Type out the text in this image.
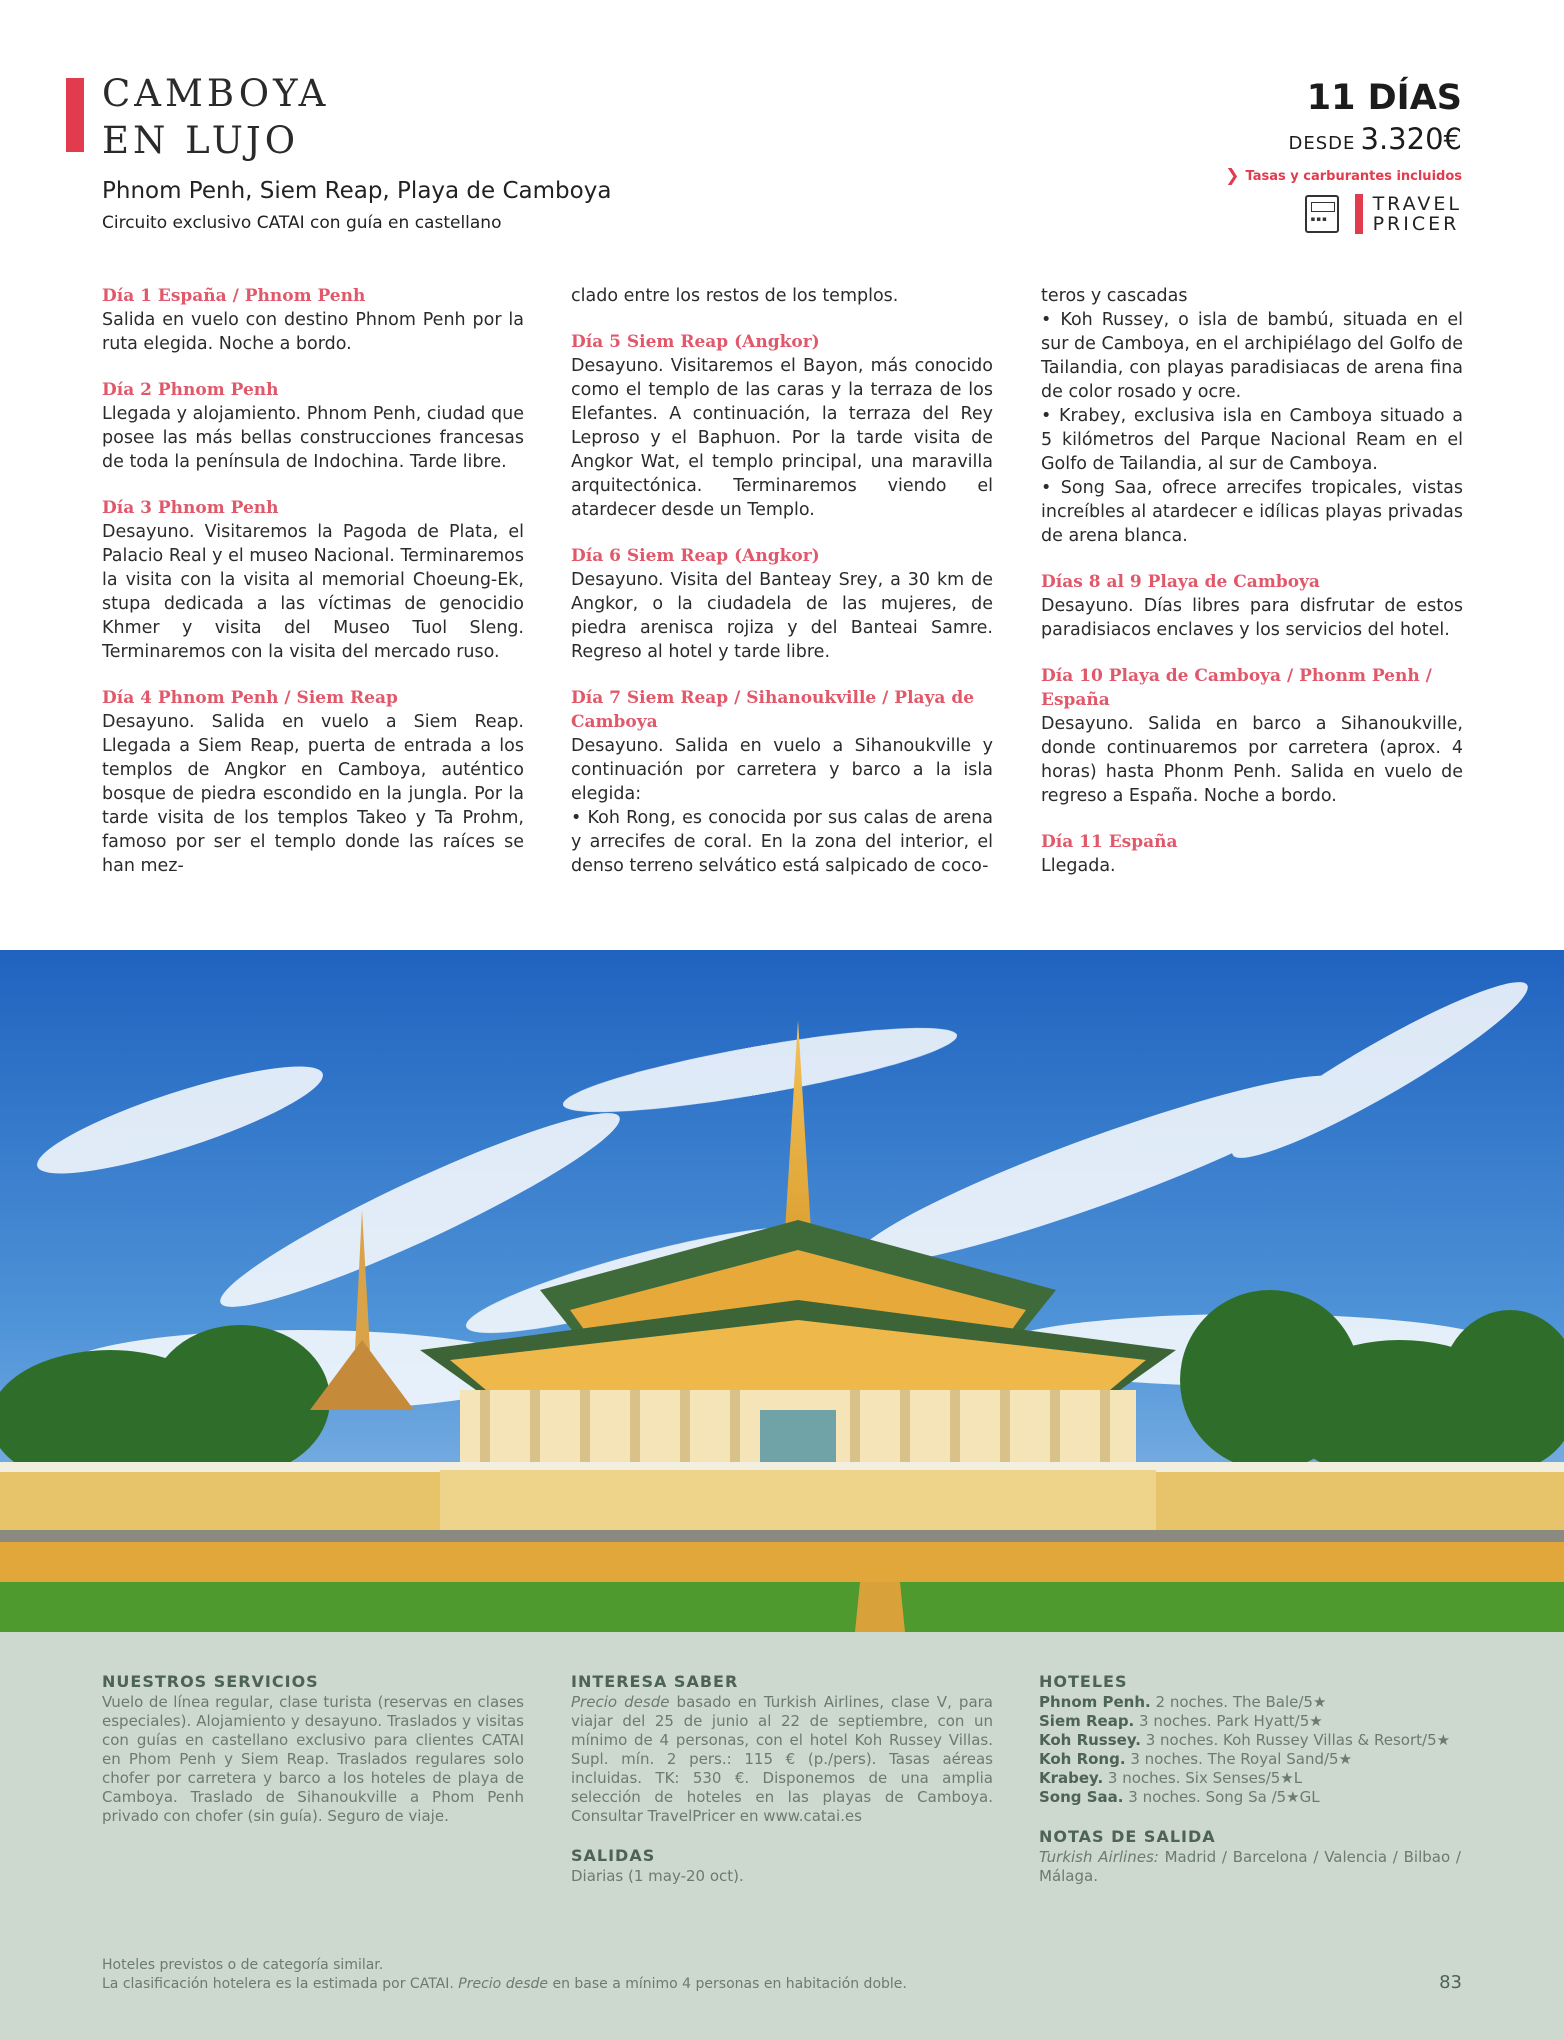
CAMBOYA
EN LUJO
Phnom Penh, Siem Reap, Playa de Camboya
Circuito exclusivo CATAI con guía en castellano
11 DÍAS
DESDE 3.320€
❯ Tasas y carburantes incluidos
▪▪▪
TRAVEL
PRICER
Día 1 España / Phnom Penh

Salida en vuelo con destino Phnom Penh por la ruta elegida. Noche a bordo.

Día 2 Phnom Penh

Llegada y alojamiento. Phnom Penh, ciudad que posee las más bellas construcciones francesas de toda la península de Indochina. Tarde libre.

Día 3 Phnom Penh

Desayuno. Visitaremos la Pagoda de Plata, el Palacio Real y el museo Nacional. Terminaremos la visita con la visita al memorial Choeung-Ek, stupa dedicada a las víctimas de genocidio Khmer y visita del Museo Tuol Sleng. Terminaremos con la visita del mercado ruso.

Día 4 Phnom Penh / Siem Reap

Desayuno. Salida en vuelo a Siem Reap. Llegada a Siem Reap, puerta de entrada a los templos de Angkor en Camboya, auténtico bosque de piedra escondido en la jungla. Por la tarde visita de los templos Takeo y Ta Prohm, famoso por ser el templo donde las raíces se han mez-

clado entre los restos de los templos.

Día 5 Siem Reap (Angkor)

Desayuno. Visitaremos el Bayon, más conocido como el templo de las caras y la terraza de los Elefantes. A continuación, la terraza del Rey Leproso y el Baphuon. Por la tarde visita de Angkor Wat, el templo principal, una maravilla arquitectónica. Terminaremos viendo el atardecer desde un Templo.

Día 6 Siem Reap (Angkor)

Desayuno. Visita del Banteay Srey, a 30 km de Angkor, o la ciudadela de las mujeres, de piedra arenisca rojiza y del Banteai Samre. Regreso al hotel y tarde libre.

Día 7 Siem Reap / Sihanoukville / Playa de Camboya

Desayuno. Salida en vuelo a Sihanoukville y continuación por carretera y barco a la isla elegida:

• Koh Rong, es conocida por sus calas de arena y arrecifes de coral. En la zona del interior, el denso terreno selvático está salpicado de coco-

teros y cascadas

• Koh Russey, o isla de bambú, situada en el sur de Camboya, en el archipiélago del Golfo de Tailandia, con playas paradisiacas de arena fina de color rosado y ocre.

• Krabey, exclusiva isla en Camboya situado a 5 kilómetros del Parque Nacional Ream en el Golfo de Tailandia, al sur de Camboya.

• Song Saa, ofrece arrecifes tropicales, vistas increíbles al atardecer e idílicas playas privadas de arena blanca.

Días 8 al 9 Playa de Camboya

Desayuno. Días libres para disfrutar de estos paradisiacos enclaves y los servicios del hotel.

Día 10 Playa de Camboya / Phonm Penh / España

Desayuno. Salida en barco a Sihanoukville, donde continuaremos por carretera (aprox. 4 horas) hasta Phonm Penh. Salida en vuelo de regreso a España. Noche a bordo.

Día 11 España

Llegada.

NUESTROS SERVICIOS

Vuelo de línea regular, clase turista (reservas en clases especiales). Alojamiento y desayuno. Traslados y visitas con guías en castellano exclusivo para clientes CATAI en Phom Penh y Siem Reap. Traslados regulares solo chofer por carretera y barco a los hoteles de playa de Camboya. Traslado de Sihanoukville a Phom Penh privado con chofer (sin guía). Seguro de viaje.

INTERESA SABER

Precio desde basado en Turkish Airlines, clase V, para viajar del 25 de junio al 22 de septiembre, con un mínimo de 4 personas, con el hotel Koh Russey Villas. Supl. mín. 2 pers.: 115 € (p./pers). Tasas aéreas incluidas. TK: 530 €. Disponemos de una amplia selección de hoteles en las playas de Camboya. Consultar TravelPricer en www.catai.es

SALIDAS

Diarias (1 may-20 oct).

HOTELES
Phnom Penh. 2 noches. The Bale/5★
Siem Reap. 3 noches. Park Hyatt/5★
Koh Russey. 3 noches. Koh Russey Villas & Resort/5★
Koh Rong. 3 noches. The Royal Sand/5★
Krabey. 3 noches. Six Senses/5★L
Song Saa. 3 noches. Song Sa /5★GL
NOTAS DE SALIDA

Turkish Airlines: Madrid / Barcelona / Valencia / Bilbao / Málaga.

Hoteles previstos o de categoría similar.
La clasificación hotelera es la estimada por CATAI. Precio desde en base a mínimo 4 personas en habitación doble.	83
